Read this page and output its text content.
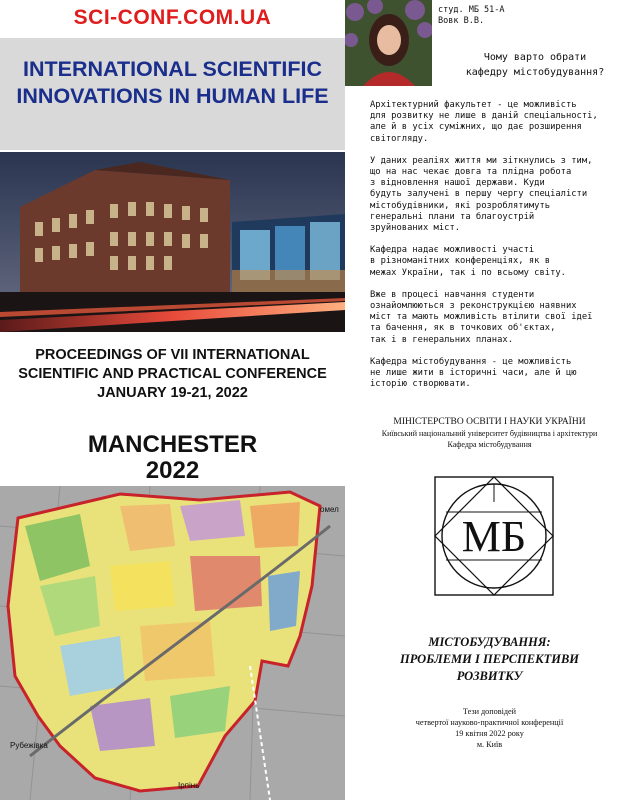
SCI-CONF.COM.UA
INTERNATIONAL SCIENTIFIC
INNOVATIONS IN HUMAN LIFE
PROCEEDINGS OF VII INTERNATIONAL
SCIENTIFIC AND PRACTICAL CONFERENCE
JANUARY 19-21, 2022
MANCHESTER
2022
Рубежівка
Ірпінь
омел
студ. МБ 51-А
Вовк В.В.
Чому варто обрати
кафедру містобудування?

Архітектурний факультет - це можливість
для розвитку не лише в даній спеціальності,
але й в усіх суміжних, що дає розширення
світогляду.

У даних реаліях життя ми зіткнулись з тим,
що на нас чекає довга та плідна робота
з відновлення нашої держави. Куди
будуть залучені в першу чергу спеціалісти
містобудівники, які розроблятимуть
генеральні плани та благоустрій
зруйнованих міст.

Кафедра надає можливості участі
в різноманітних конференціях, як в
межах України, так і по всьому світу.

Вже в процесі навчання студенти
ознайомлюються з реконструкцією наявних
міст та мають можливість втілити свої ідеї
та бачення, як в точкових об'єктах,
так і в генеральних планах.

Кафедра містобудування - це можливість
не лише жити в історичні часи, але й цю
історію створювати.

МІНІСТЕРСТВО ОСВІТИ І НАУКИ УКРАЇНИ
Київський національний університет будівництва і архітектури
Кафедра містобудування
МБ
МІСТОБУДУВАННЯ:
ПРОБЛЕМИ І ПЕРСПЕКТИВИ
РОЗВИТКУ
Тези доповідей
четвертої науково-практичної конференції
19 квітня 2022 року
м. Київ
